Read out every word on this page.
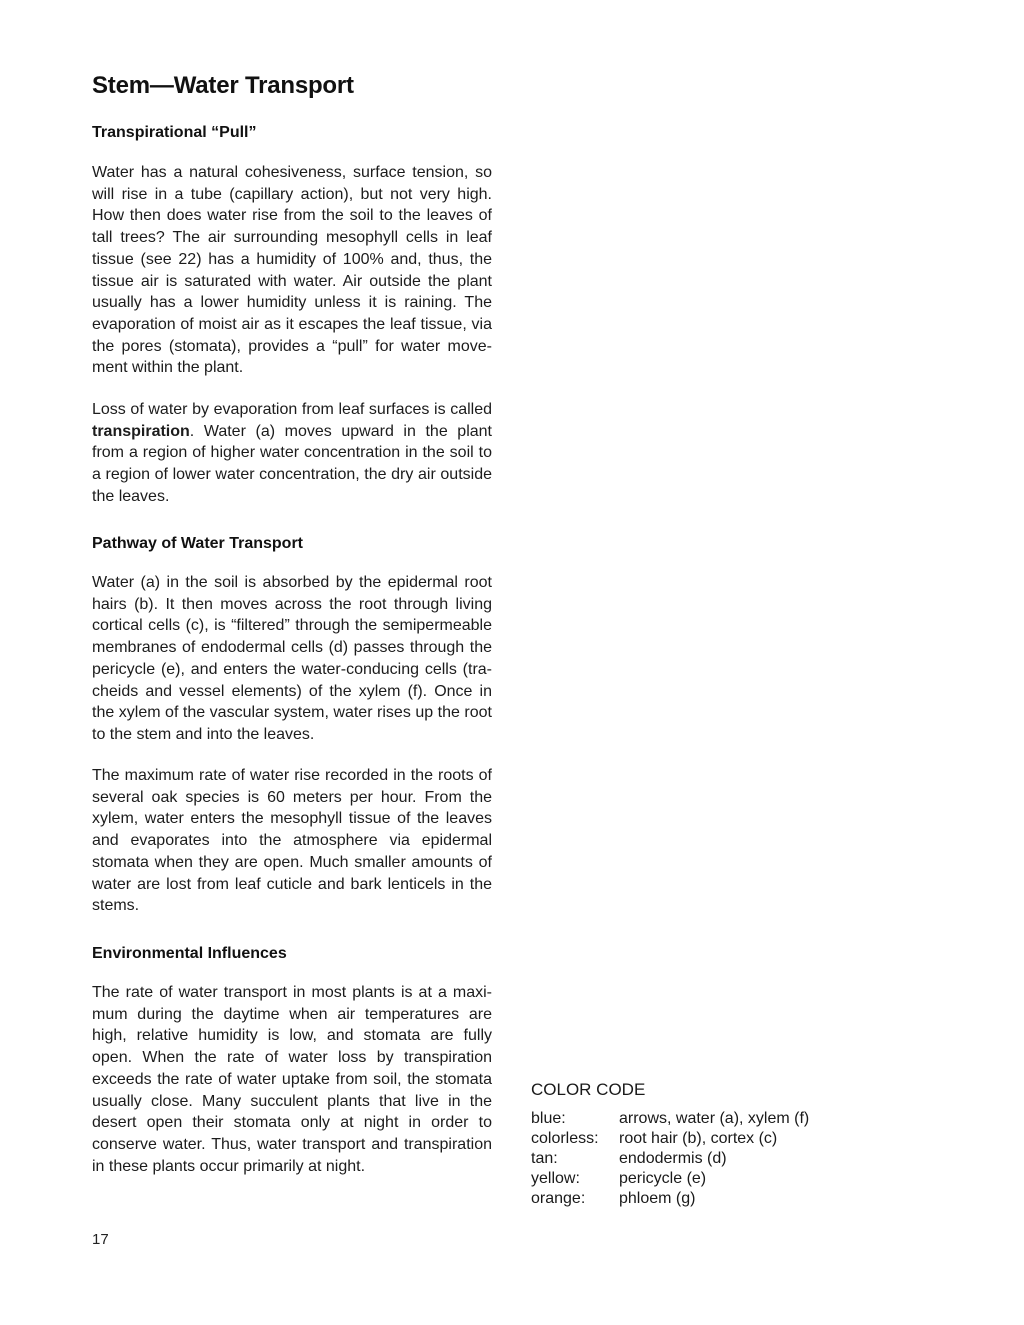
Stem—Water Transport
Transpirational “Pull”

Water has a natural cohesiveness, surface tension, so will rise in a tube (capillary action), but not very high. How then does water rise from the soil to the leaves of tall trees? The air surrounding mesophyll cells in leaf tissue (see 22) has a humidity of 100% and, thus, the tissue air is saturated with water. Air outside the plant usually has a lower humidity unless it is raining. The evaporation of moist air as it escapes the leaf tissue, via the pores (stomata), provides a “pull” for water movement within the plant.

Loss of water by evaporation from leaf surfaces is called transpiration. Water (a) moves upward in the plant from a region of higher water concentration in the soil to a region of lower water concentration, the dry air outside the leaves.

Pathway of Water Transport

Water (a) in the soil is absorbed by the epidermal root hairs (b). It then moves across the root through living cortical cells (c), is “filtered” through the semipermeable membranes of endodermal cells (d) passes through the pericycle (e), and enters the water-conducing cells (tracheids and vessel elements) of the xylem (f). Once in the xylem of the vascular system, water rises up the root to the stem and into the leaves.

The maximum rate of water rise recorded in the roots of several oak species is 60 meters per hour. From the xylem, water enters the mesophyll tissue of the leaves and evaporates into the atmosphere via epidermal stomata when they are open. Much smaller amounts of water are lost from leaf cuticle and bark lenticels in the stems.

Environmental Influences

The rate of water transport in most plants is at a maximum during the daytime when air temperatures are high, relative humidity is low, and stomata are fully open. When the rate of water loss by transpiration exceeds the rate of water uptake from soil, the stomata usually close. Many succulent plants that live in the desert open their stomata only at night in order to conserve water. Thus, water transport and transpiration in these plants occur primarily at night.

COLOR CODE
blue:	arrows, water (a), xylem (f)
colorless:	root hair (b), cortex (c)
tan:	endodermis (d)
yellow:	pericycle (e)
orange:	phloem (g)
17
